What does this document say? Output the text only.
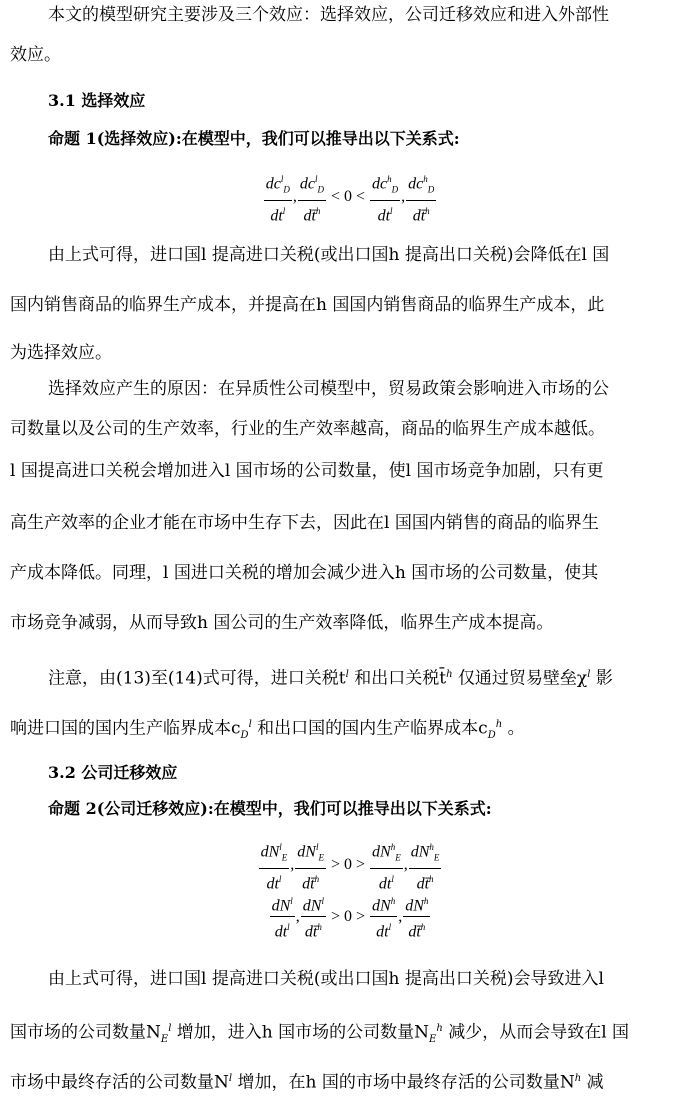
本文的模型研究主要涉及三个效应：选择效应，公司迁移效应和进入外部性
效应。
3.1 选择效应
命题 1(选择效应):在模型中，我们可以推导出以下关系式:
$\frac{dc^l_D}{dt^l}$ , $\frac{dc^l_D}{dt̄^h} < 0 < \frac{dc^h_D}{dt^l}$ , $\frac{dc^h_D}{dt̄^h}$
由上式可得，进口国l 提高进口关税(或出口国h 提高出口关税)会降低在l 国
国内销售商品的临界生产成本，并提高在h 国国内销售商品的临界生产成本，此
为选择效应。
选择效应产生的原因：在异质性公司模型中，贸易政策会影响进入市场的公
司数量以及公司的生产效率，行业的生产效率越高，商品的临界生产成本越低。
l 国提高进口关税会增加进入l 国市场的公司数量，使l 国市场竞争加剧，只有更
高生产效率的企业才能在市场中生存下去，因此在l 国国内销售的商品的临界生
产成本降低。同理，l 国进口关税的增加会减少进入h 国市场的公司数量，使其
市场竞争减弱，从而导致h 国公司的生产效率降低，临界生产成本提高。
注意，由(13)至(14)式可得，进口关税$t^l$ 和出口关税t̄$^h$ 仅通过贸易壁垒$\chi^l$ 影
响进口国的国内生产临界成本$c_D^l$ 和出口国的国内生产临界成本$c_D^h$ 。
3.2 公司迁移效应
命题 2(公司迁移效应):在模型中，我们可以推导出以下关系式:
$\frac{dN^l_E}{dt^l}$ , $\frac{dN^l_E}{dt̄^h} > 0 > \frac{dN^h_E}{dt^l}$ , $\frac{dN^h_E}{dt̄^h}$
$\frac{dN^l}{dt^l}$ , $\frac{dN^l}{dt̄^h} > 0 > \frac{dN^h}{dt^l}$ , $\frac{dN^h}{dt̄^h}$
由上式可得，进口国l 提高进口关税(或出口国h 提高出口关税)会导致进入l
国市场的公司数量$N_E^l$ 增加，进入h 国市场的公司数量$N_E^h$ 减少，从而会导致在l 国
市场中最终存活的公司数量$N^l$ 增加，在h 国的市场中最终存活的公司数量$N^h$ 减
